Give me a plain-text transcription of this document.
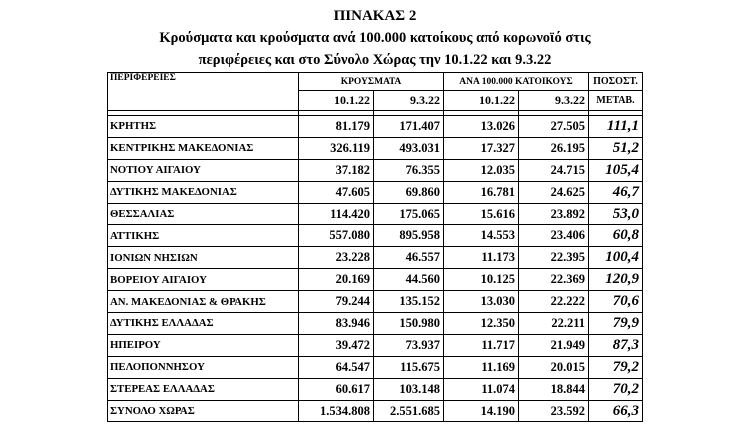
ΠΙΝΑΚΑΣ 2
Κρούσματα και κρούσματα ανά 100.000 κατοίκους από κορωνοϊό στις
περιφέρειες και στο Σύνολο Χώρας την 10.1.22 και 9.3.22
ΠΕΡΙΦΕΡΕΙΕΣ	ΚΡΟΥΣΜΑΤΑ		ΑΝΑ 100.000 ΚΑΤΟΙΚΟΥΣ		ΠΟΣΟΣΤ.
	10.1.22	9.3.22	10.1.22	9.3.22	ΜΕΤΑΒ.

ΚΡΗΤΗΣ	81.179	171.407	13.026	27.505	111,1
ΚΕΝΤΡΙΚΗΣ ΜΑΚΕΔΟΝΙΑΣ	326.119	493.031	17.327	26.195	51,2
ΝΟΤΙΟΥ ΑΙΓΑΙΟΥ	37.182	76.355	12.035	24.715	105,4
ΔΥΤΙΚΗΣ ΜΑΚΕΔΟΝΙΑΣ	47.605	69.860	16.781	24.625	46,7
ΘΕΣΣΑΛΙΑΣ	114.420	175.065	15.616	23.892	53,0
ΑΤΤΙΚΗΣ	557.080	895.958	14.553	23.406	60,8
ΙΟΝΙΩΝ ΝΗΣΙΩΝ	23.228	46.557	11.173	22.395	100,4
ΒΟΡΕΙΟΥ ΑΙΓΑΙΟΥ	20.169	44.560	10.125	22.369	120,9
ΑΝ. ΜΑΚΕΔΟΝΙΑΣ & ΘΡΑΚΗΣ	79.244	135.152	13.030	22.222	70,6
ΔΥΤΙΚΗΣ ΕΛΛΑΔΑΣ	83.946	150.980	12.350	22.211	79,9
ΗΠΕΙΡΟΥ	39.472	73.937	11.717	21.949	87,3
ΠΕΛΟΠΟΝΝΗΣΟΥ	64.547	115.675	11.169	20.015	79,2
ΣΤΕΡΕΑΣ ΕΛΛΑΔΑΣ	60.617	103.148	11.074	18.844	70,2
ΣΥΝΟΛΟ ΧΩΡΑΣ	1.534.808	2.551.685	14.190	23.592	66,3
